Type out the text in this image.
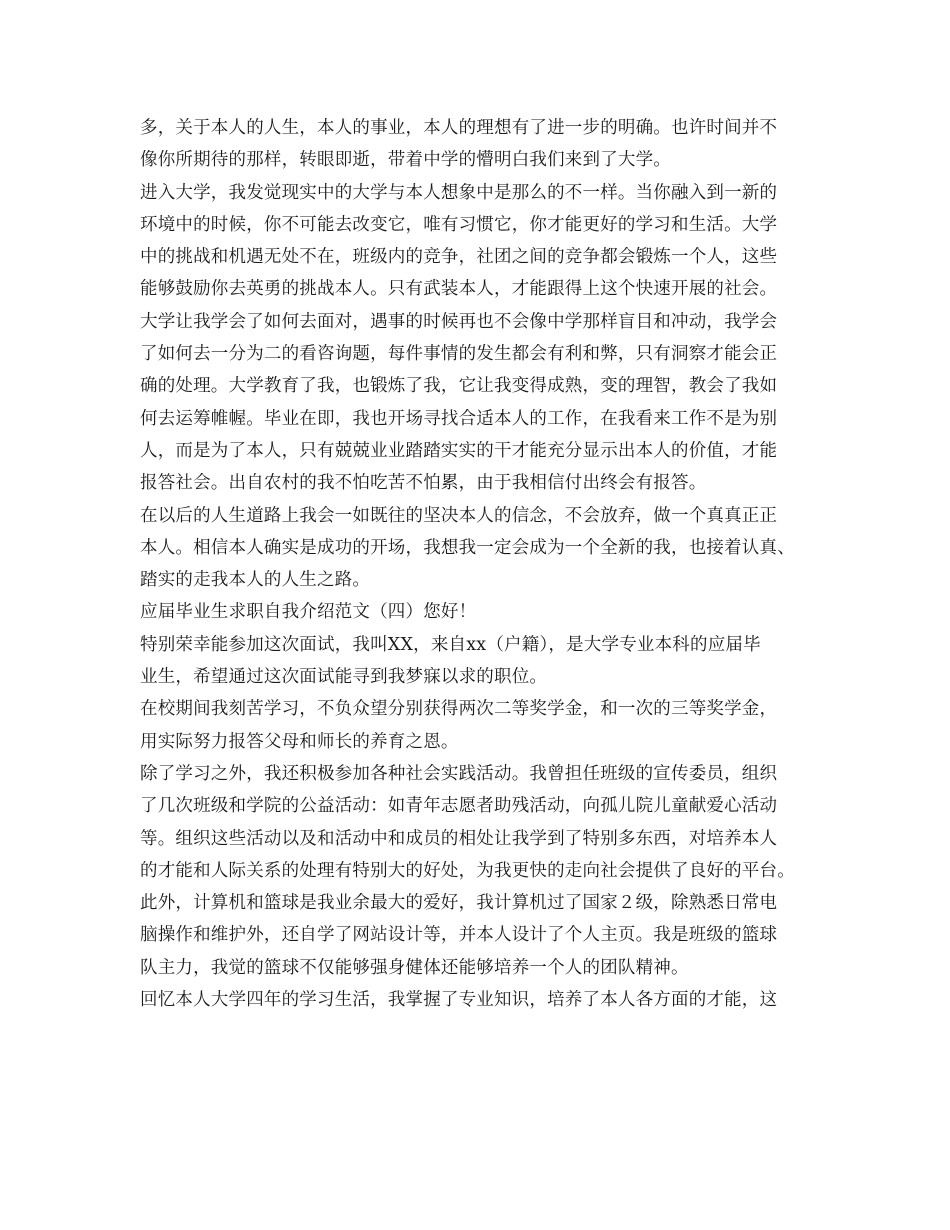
多，关于本人的人生，本人的事业，本人的理想有了进一步的明确。也许时间并不
像你所期待的那样，转眼即逝，带着中学的懵明白我们来到了大学。
进入大学，我发觉现实中的大学与本人想象中是那么的不一样。当你融入到一新的
环境中的时候，你不可能去改变它，唯有习惯它，你才能更好的学习和生活。大学
中的挑战和机遇无处不在，班级内的竞争，社团之间的竞争都会锻炼一个人，这些
能够鼓励你去英勇的挑战本人。只有武装本人，才能跟得上这个快速开展的社会。
大学让我学会了如何去面对，遇事的时候再也不会像中学那样盲目和冲动，我学会
了如何去一分为二的看咨询题，每件事情的发生都会有利和弊，只有洞察才能会正
确的处理。大学教育了我，也锻炼了我，它让我变得成熟，变的理智，教会了我如
何去运筹帷幄。毕业在即，我也开场寻找合适本人的工作，在我看来工作不是为别
人，而是为了本人，只有兢兢业业踏踏实实的干才能充分显示出本人的价值，才能
报答社会。出自农村的我不怕吃苦不怕累，由于我相信付出终会有报答。
在以后的人生道路上我会一如既往的坚决本人的信念，不会放弃，做一个真真正正
本人。相信本人确实是成功的开场，我想我一定会成为一个全新的我，也接着认真、
踏实的走我本人的人生之路。
应届毕业生求职自我介绍范文（四）您好！
特别荣幸能参加这次面试，我叫XX，来自xx（户籍），是大学专业本科的应届毕
业生，希望通过这次面试能寻到我梦寐以求的职位。
在校期间我刻苦学习，不负众望分别获得两次二等奖学金，和一次的三等奖学金，
用实际努力报答父母和师长的养育之恩。
除了学习之外，我还积极参加各种社会实践活动。我曾担任班级的宣传委员，组织
了几次班级和学院的公益活动：如青年志愿者助残活动，向孤儿院儿童献爱心活动
等。组织这些活动以及和活动中和成员的相处让我学到了特别多东西，对培养本人
的才能和人际关系的处理有特别大的好处，为我更快的走向社会提供了良好的平台。
此外，计算机和篮球是我业余最大的爱好，我计算机过了国家２级，除熟悉日常电
脑操作和维护外，还自学了网站设计等，并本人设计了个人主页。我是班级的篮球
队主力，我觉的篮球不仅能够强身健体还能够培养一个人的团队精神。
回忆本人大学四年的学习生活，我掌握了专业知识，培养了本人各方面的才能，这
